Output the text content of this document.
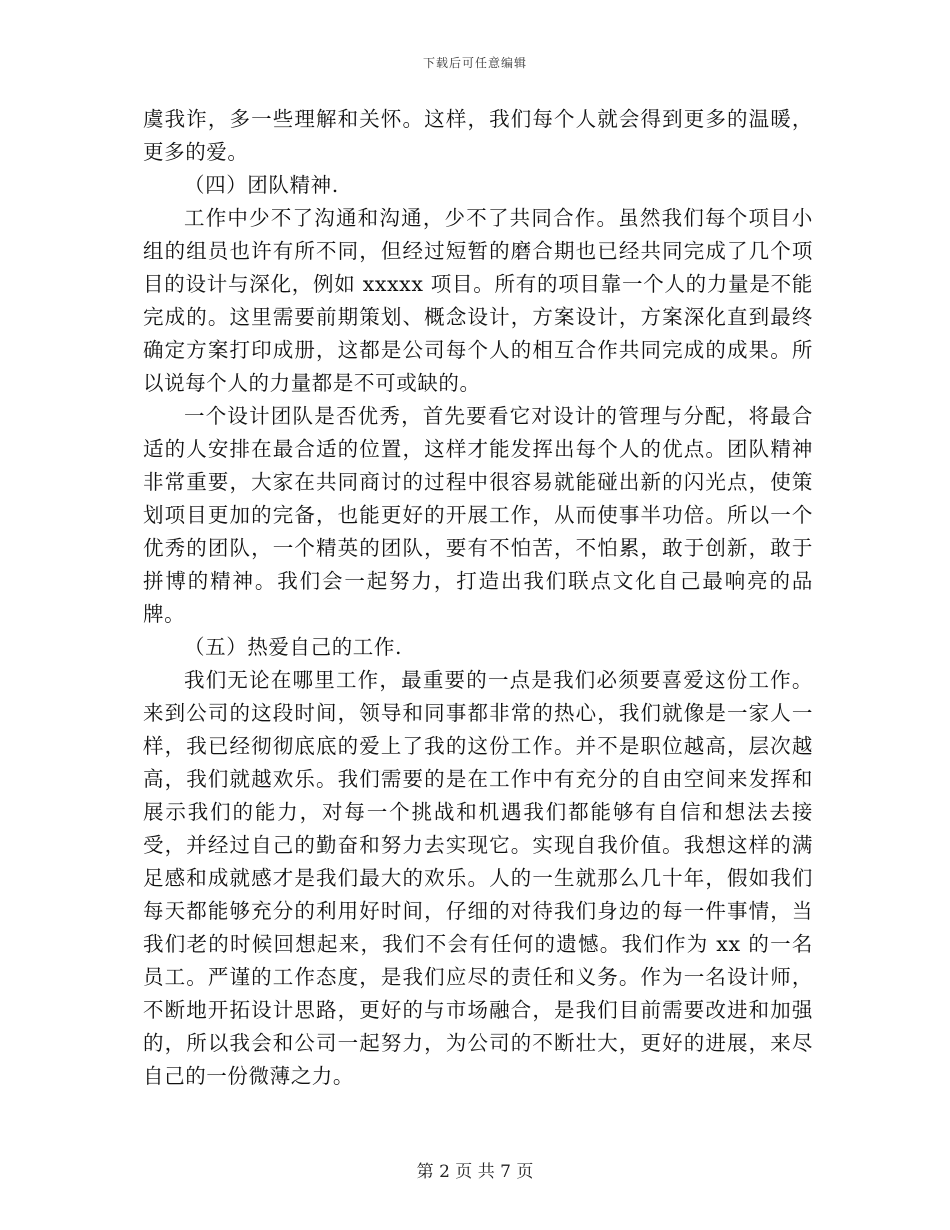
下载后可任意编辑

虞我诈，多一些理解和关怀。这样，我们每个人就会得到更多的温暖，更多的爱。

（四）团队精神.

工作中少不了沟通和沟通，少不了共同合作。虽然我们每个项目小组的组员也许有所不同，但经过短暂的磨合期也已经共同完成了几个项目的设计与深化，例如 xxxxx 项目。所有的项目靠一个人的力量是不能完成的。这里需要前期策划、概念设计，方案设计，方案深化直到最终确定方案打印成册，这都是公司每个人的相互合作共同完成的成果。所以说每个人的力量都是不可或缺的。

一个设计团队是否优秀，首先要看它对设计的管理与分配，将最合适的人安排在最合适的位置，这样才能发挥出每个人的优点。团队精神非常重要，大家在共同商讨的过程中很容易就能碰出新的闪光点，使策划项目更加的完备，也能更好的开展工作，从而使事半功倍。所以一个优秀的团队，一个精英的团队，要有不怕苦，不怕累，敢于创新，敢于拼博的精神。我们会一起努力，打造出我们联点文化自己最响亮的品牌。

（五）热爱自己的工作.

我们无论在哪里工作，最重要的一点是我们必须要喜爱这份工作。来到公司的这段时间，领导和同事都非常的热心，我们就像是一家人一样，我已经彻彻底底的爱上了我的这份工作。并不是职位越高，层次越高，我们就越欢乐。我们需要的是在工作中有充分的自由空间来发挥和展示我们的能力，对每一个挑战和机遇我们都能够有自信和想法去接受，并经过自己的勤奋和努力去实现它。实现自我价值。我想这样的满足感和成就感才是我们最大的欢乐。人的一生就那么几十年，假如我们每天都能够充分的利用好时间，仔细的对待我们身边的每一件事情，当我们老的时候回想起来，我们不会有任何的遗憾。我们作为 xx 的一名员工。严谨的工作态度，是我们应尽的责任和义务。作为一名设计师，不断地开拓设计思路，更好的与市场融合，是我们目前需要改进和加强的，所以我会和公司一起努力，为公司的不断壮大，更好的进展，来尽自己的一份微薄之力。

第 2 页 共 7 页
